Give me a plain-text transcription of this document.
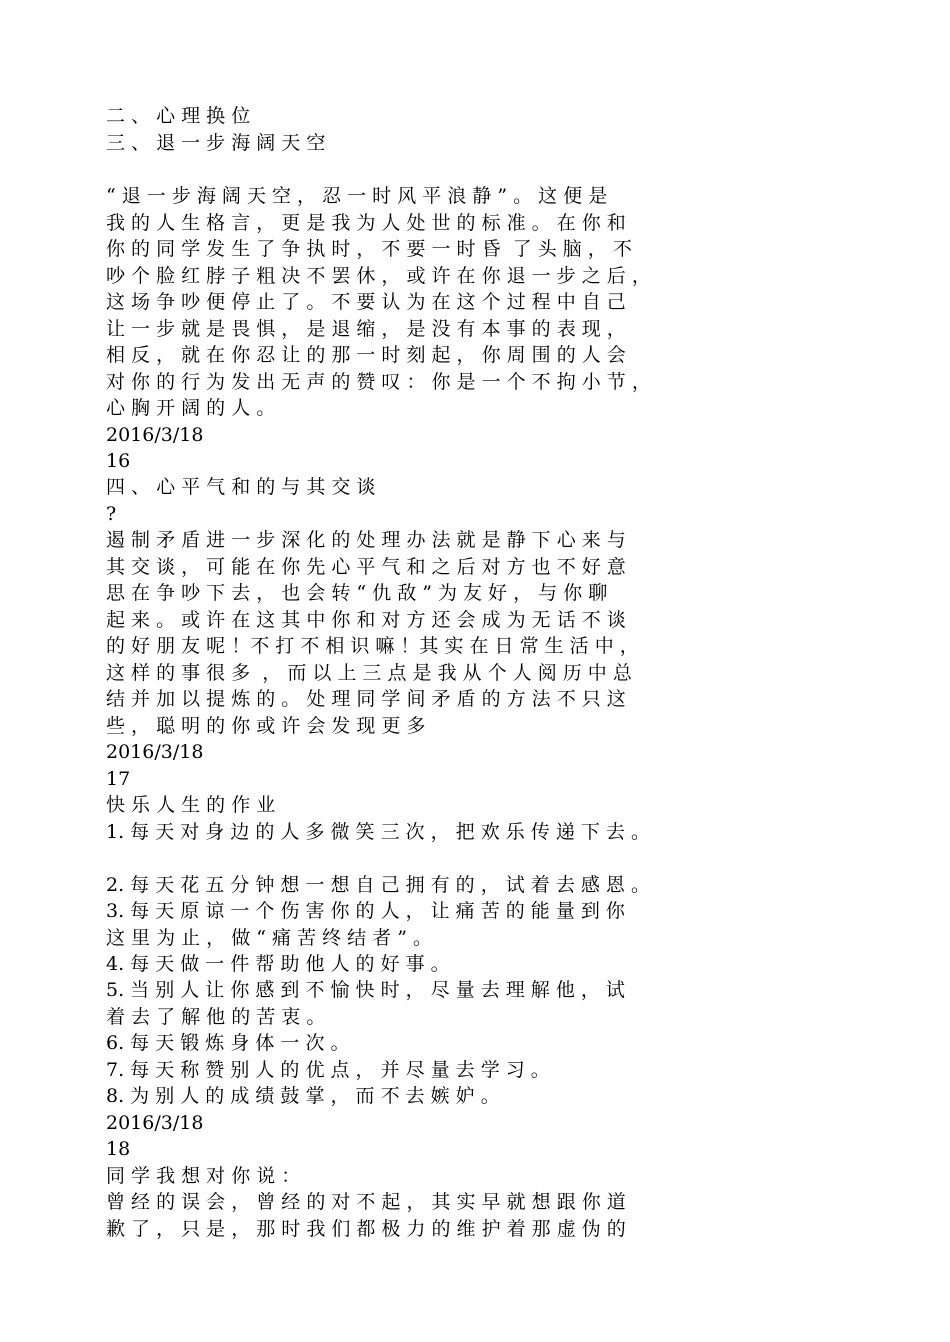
二 、 心 理 换 位
三 、 退 一 步 海 阔 天 空
“ 退 一 步 海 阔 天 空 ， 忍 一 时 风 平 浪 静 ” 。 这 便 是
我 的 人 生 格 言 ， 更 是 我 为 人 处 世 的 标 准 。 在 你 和
你 的 同 学 发 生 了 争 执 时 ， 不 要 一 时 昏  了 头 脑 ， 不
吵 个 脸 红 脖 子 粗 决 不 罢 休 ， 或 许 在 你 退 一 步 之 后 ，
这 场 争 吵 便 停 止 了 。 不 要 认 为 在 这 个 过 程 中 自 己
让 一 步 就 是 畏 惧 ， 是 退 缩 ， 是 没 有 本 事 的 表 现 ，
相 反 ， 就 在 你 忍 让 的 那 一 时 刻 起 ， 你 周 围 的 人 会
对 你 的 行 为 发 出 无 声 的 赞 叹 ： 你 是 一 个 不 拘 小 节 ，
心 胸 开 阔 的 人 。
2016/3/18
16
四 、 心 平 气 和 的 与 其 交 谈
?
遏 制 矛 盾 进 一 步 深 化 的 处 理 办 法 就 是 静 下 心 来 与
其 交 谈 ， 可 能 在 你 先 心 平 气 和 之 后 对 方 也 不 好 意
思 在 争 吵 下 去 ， 也 会 转 “ 仇 敌 ” 为 友 好 ， 与 你 聊
起 来 。 或 许 在 这 其 中 你 和 对 方 还 会 成 为 无 话 不 谈
的 好 朋 友 呢 ！不 打 不 相 识 嘛 ！其 实 在 日 常 生 活 中 ，
这 样 的 事 很 多  ， 而 以 上 三 点 是 我 从 个 人 阅 历 中 总
结 并 加 以 提 炼 的 。 处 理 同 学 间 矛 盾 的 方 法 不 只 这
些 ， 聪 明 的 你 或 许 会 发 现 更 多
2016/3/18
17
快 乐 人 生 的 作 业
1. 每 天 对 身 边 的 人 多 微 笑 三 次 ， 把 欢 乐 传 递 下 去 。
2. 每 天 花 五 分 钟 想 一 想 自 己 拥 有 的 ， 试 着 去 感 恩 。
3. 每 天 原 谅 一 个 伤 害 你 的 人 ， 让 痛 苦 的 能 量 到 你
这 里 为 止 ， 做 “ 痛 苦 终 结 者 ” 。
4. 每 天 做 一 件 帮 助 他 人 的 好 事 。
5. 当 别 人 让 你 感 到 不 愉 快 时 ， 尽 量 去 理 解 他 ， 试
着 去 了 解 他 的 苦 衷 。
6. 每 天 锻 炼 身 体 一 次 。
7. 每 天 称 赞 别 人 的 优 点 ， 并 尽 量 去 学 习 。
8. 为 别 人 的 成 绩 鼓 掌 ， 而 不 去 嫉 妒 。
2016/3/18
18
同 学 我 想 对 你 说 ：
曾 经 的 误 会 ， 曾 经 的 对 不 起 ， 其 实 早 就 想 跟 你 道
歉 了 ， 只 是 ， 那 时 我 们 都 极 力 的 维 护 着 那 虚 伪 的
